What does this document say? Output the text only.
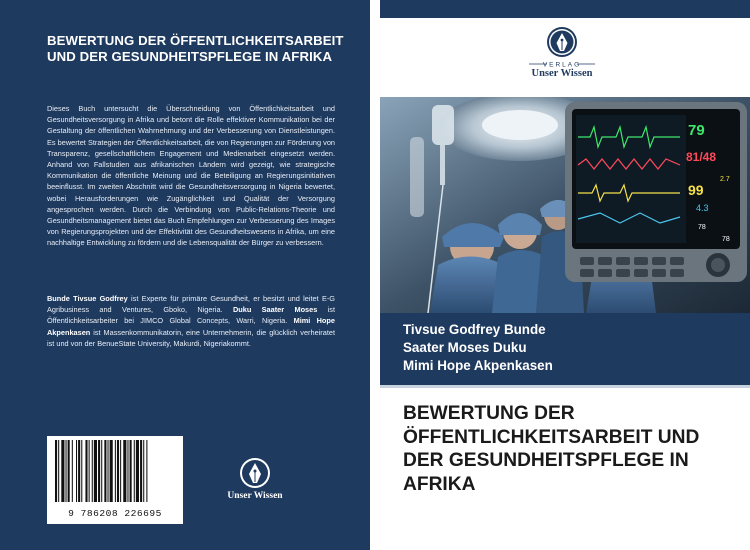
BEWERTUNG DER ÖFFENTLICHKEITSARBEIT UND DER GESUNDHEITSPFLEGE IN AFRIKA
Dieses Buch untersucht die Überschneidung von Öffentlichkeitsarbeit und Gesundheitsversorgung in Afrika und betont die Rolle effektiver Kommunikation bei der Gestaltung der öffentlichen Wahrnehmung und der Verbesserung von Dienstleistungen. Es bewertet Strategien der Öffentlichkeitsarbeit, die von Regierungen zur Förderung von Transparenz, gesellschaftlichem Engagement und Medienarbeit eingesetzt werden. Anhand von Fallstudien aus afrikanischen Ländern wird gezeigt, wie strategische Kommunikation die öffentliche Meinung und die Beteiligung an Regierungsinitiativen beeinflusst. Im zweiten Abschnitt wird die Gesundheitsversorgung in Nigeria bewertet, wobei Herausforderungen wie Zugänglichkeit und Qualität der Versorgung angesprochen werden. Durch die Verbindung von Public-Relations-Theorie und Gesundheitsmanagement bietet das Buch Empfehlungen zur Verbesserung des Images von Regierungsprojekten und der Effektivität des Gesundheitswesens in Afrika, um eine nachhaltige Entwicklung zu fördern und die Lebensqualität der Bürger zu verbessern.
Bunde Tivsue Godfrey ist Experte für primäre Gesundheit, er besitzt und leitet E-G Agribusiness and Ventures, Gboko, Nigeria. Duku Saater Moses ist Öffentlichkeitsarbeiter bei JIMCO Global Concepts, Warri, Nigeria. Mimi Hope Akpenkasen ist Massenkommunikatorin, eine Unternehmerin, die glücklich verheiratet ist und von der BenueState University, Makurdi, Nigeriakommt.
9 786208 226695
Unser Wissen
VERLAG
Unser Wissen
79
81/48
99
2.7
4.3
78
78
Tivsue Godfrey Bunde
Saater Moses Duku
Mimi Hope Akpenkasen
BEWERTUNG DER ÖFFENTLICHKEITSARBEIT UND DER GESUNDHEITSPFLEGE IN AFRIKA
